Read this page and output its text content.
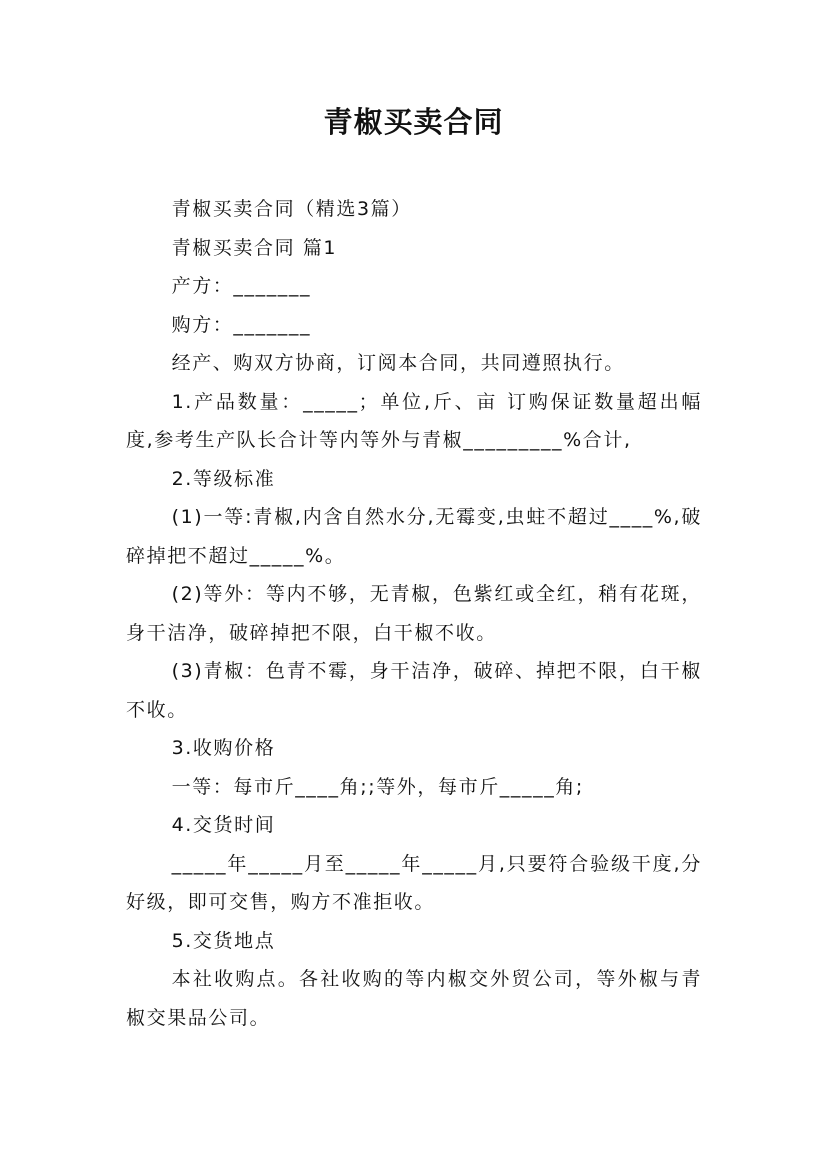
青椒买卖合同

青椒买卖合同（精选3篇）

青椒买卖合同 篇1

产方：_______

购方：_______

经产、购双方协商，订阅本合同，共同遵照执行。

1.产品数量：_____；单位,斤、亩 订购保证数量超出幅度,参考生产队长合计等内等外与青椒_________%合计,

2.等级标准

(1)一等:青椒,内含自然水分,无霉变,虫蛀不超过____%,破碎掉把不超过_____%。

(2)等外：等内不够，无青椒，色紫红或全红，稍有花斑，身干洁净，破碎掉把不限，白干椒不收。

(3)青椒：色青不霉，身干洁净，破碎、掉把不限，白干椒不收。

3.收购价格

一等：每市斤____角;;等外，每市斤_____角;

4.交货时间

_____年_____月至_____年_____月,只要符合验级干度,分好级，即可交售，购方不准拒收。

5.交货地点

本社收购点。各社收购的等内椒交外贸公司，等外椒与青椒交果品公司。
